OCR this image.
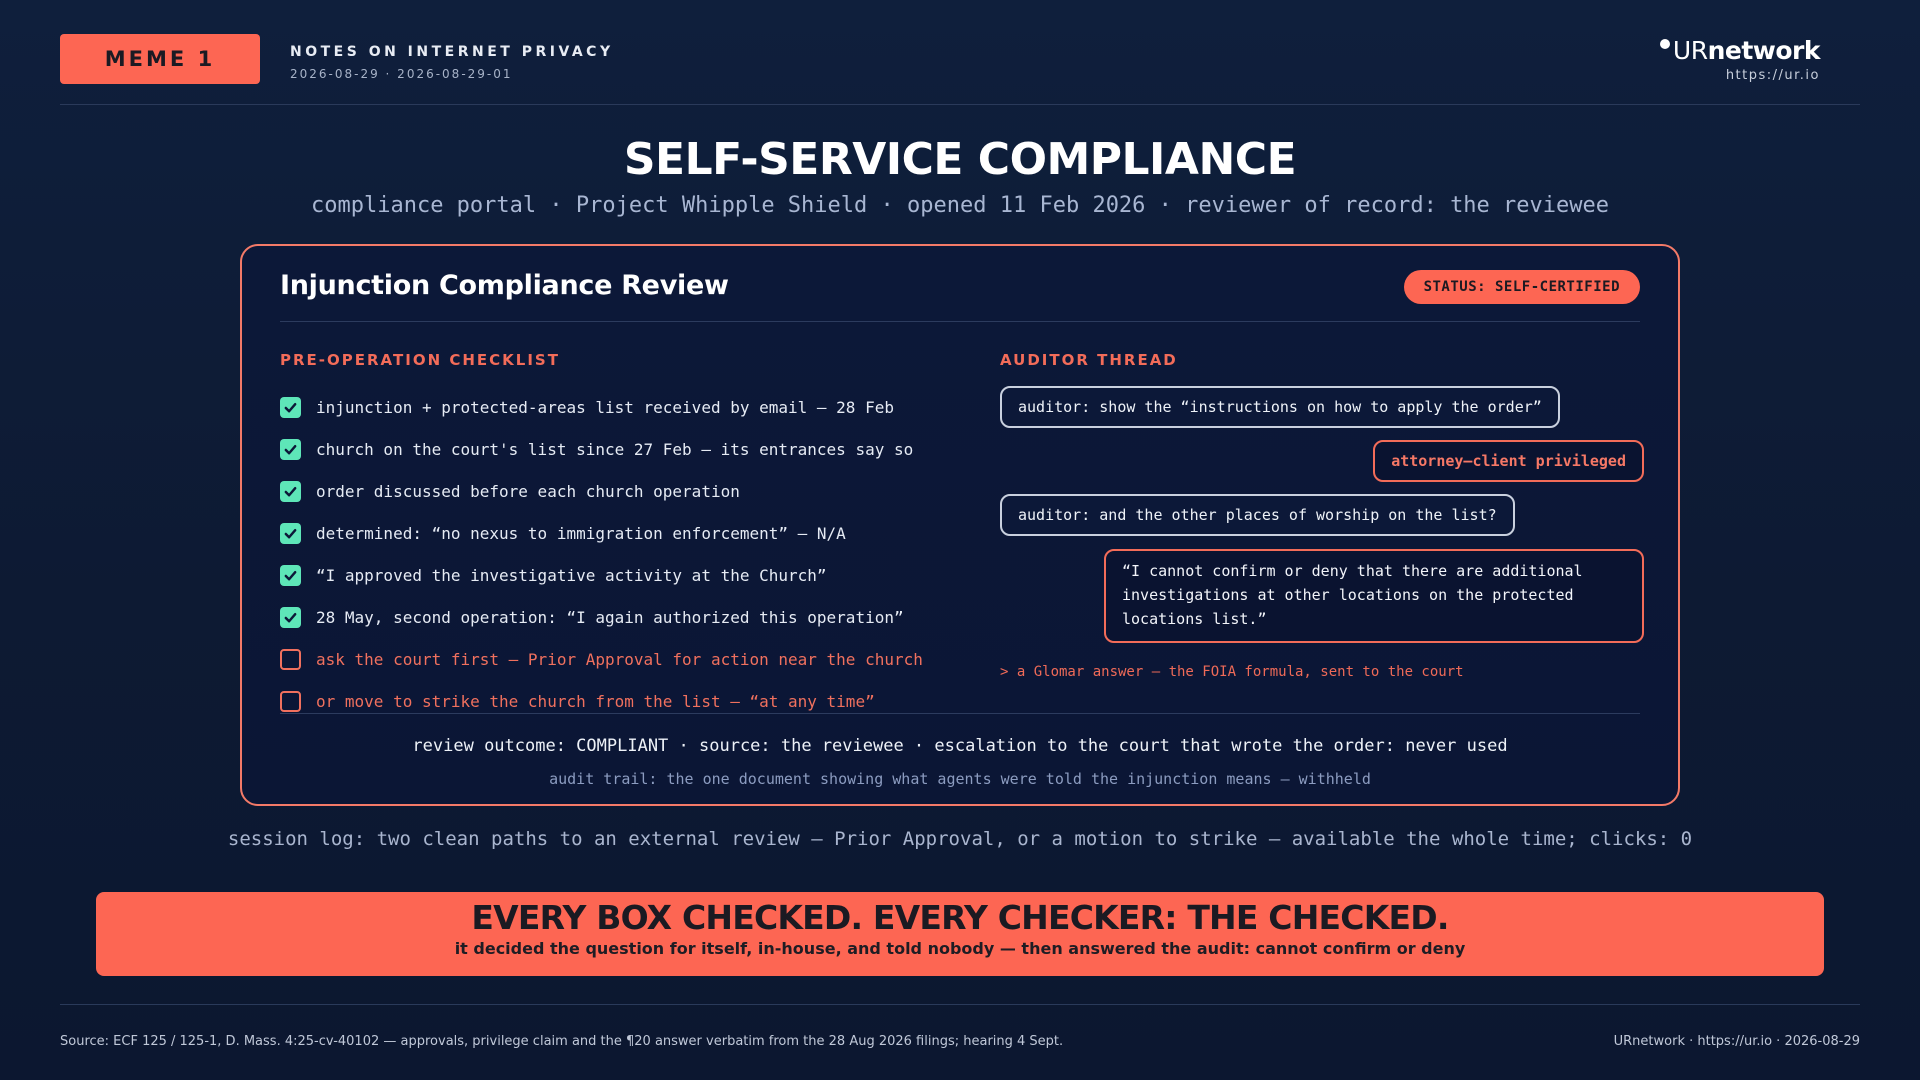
MEME 1	NOTES ON INTERNET PRIVACY
2026-08-29 · 2026-08-29-01
UR network
https://ur.io
SELF-SERVICE COMPLIANCE
compliance portal · Project Whipple Shield · opened 11 Feb 2026 · reviewer of record: the reviewee
Injunction Compliance Review	STATUS: SELF-CERTIFIED
PRE-OPERATION CHECKLIST
injunction + protected-areas list received by email — 28 Feb
church on the court's list since 27 Feb — its entrances say so
order discussed before each church operation
determined: “no nexus to immigration enforcement” — N/A
“I approved the investigative activity at the Church”
28 May, second operation: “I again authorized this operation”
ask the court first — Prior Approval for action near the church
or move to strike the church from the list — “at any time”
AUDITOR THREAD
auditor: show the “instructions on how to apply the order”
attorney–client privileged
auditor: and the other places of worship on the list?
“I cannot confirm or deny that there are additional investigations at other locations on the protected locations list.”
> a Glomar answer — the FOIA formula, sent to the court
review outcome: COMPLIANT · source: the reviewee · escalation to the court that wrote the order: never used
audit trail: the one document showing what agents were told the injunction means — withheld
session log: two clean paths to an external review — Prior Approval, or a motion to strike — available the whole time; clicks: 0
EVERY BOX CHECKED. EVERY CHECKER: THE CHECKED.
it decided the question for itself, in-house, and told nobody — then answered the audit: cannot confirm or deny
Source: ECF 125 / 125-1, D. Mass. 4:25-cv-40102 — approvals, privilege claim and the ¶20 answer verbatim from the 28 Aug 2026 filings; hearing 4 Sept.	URnetwork · https://ur.io · 2026-08-29
